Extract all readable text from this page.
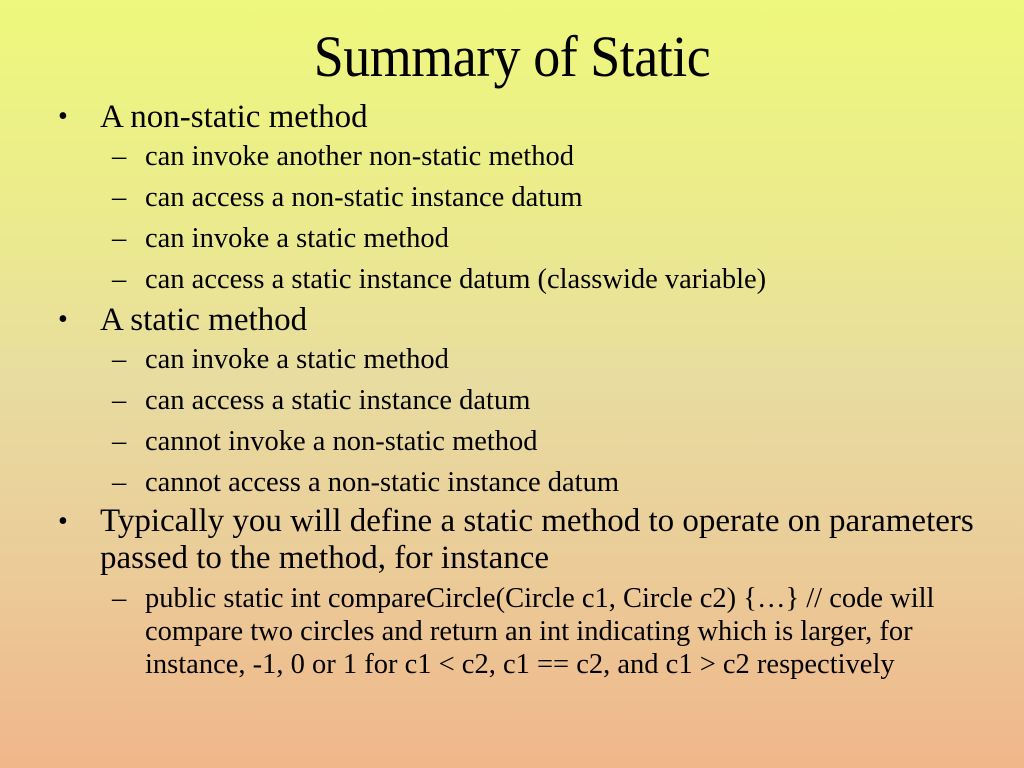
Summary of Static
• A non-static method
– can invoke another non-static method
– can access a non-static instance datum
– can invoke a static method
– can access a static instance datum (classwide variable)
• A static method
– can invoke a static method
– can access a static instance datum
– cannot invoke a non-static method
– cannot access a non-static instance datum
• Typically you will define a static method to operate on parameters passed to the method, for instance
– public static int compareCircle(Circle c1, Circle c2) {…} // code will compare two circles and return an int indicating which is larger, for instance, -1, 0 or 1 for c1 < c2, c1 == c2, and c1 > c2 respectively
